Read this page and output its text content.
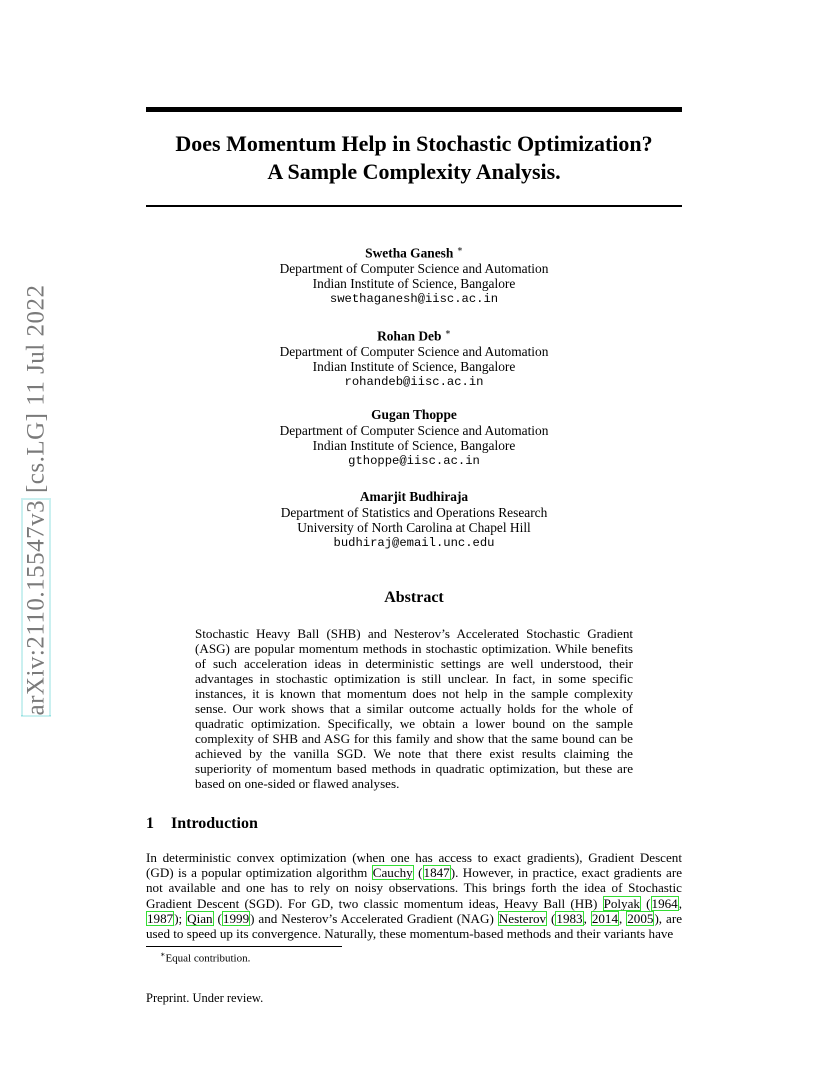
arXiv:2110.15547v3 [cs.LG] 11 Jul 2022
Does Momentum Help in Stochastic Optimization?
A Sample Complexity Analysis.
Swetha Ganesh ∗
Department of Computer Science and Automation
Indian Institute of Science, Bangalore
swethaganesh@iisc.ac.in
Rohan Deb ∗
Department of Computer Science and Automation
Indian Institute of Science, Bangalore
rohandeb@iisc.ac.in
Gugan Thoppe
Department of Computer Science and Automation
Indian Institute of Science, Bangalore
gthoppe@iisc.ac.in
Amarjit Budhiraja
Department of Statistics and Operations Research
University of North Carolina at Chapel Hill
budhiraj@email.unc.edu
Abstract
Stochastic Heavy Ball (SHB) and Nesterov’s Accelerated Stochastic Gradient (ASG) are popular momentum methods in stochastic optimization. While benefits of such acceleration ideas in deterministic settings are well understood, their advantages in stochastic optimization is still unclear. In fact, in some specific instances, it is known that momentum does not help in the sample complexity sense. Our work shows that a similar outcome actually holds for the whole of quadratic optimization. Specifically, we obtain a lower bound on the sample complexity of SHB and ASG for this family and show that the same bound can be achieved by the vanilla SGD. We note that there exist results claiming the superiority of momentum based methods in quadratic optimization, but these are based on one-sided or flawed analyses.
1 Introduction
In deterministic convex optimization (when one has access to exact gradients), Gradient Descent (GD) is a popular optimization algorithm Cauchy (1847). However, in practice, exact gradients are not available and one has to rely on noisy observations. This brings forth the idea of Stochastic Gradient Descent (SGD). For GD, two classic momentum ideas, Heavy Ball (HB) Polyak (1964, 1987); Qian (1999) and Nesterov’s Accelerated Gradient (NAG) Nesterov (1983, 2014, 2005), are used to speed up its convergence. Naturally, these momentum-based methods and their variants have
∗Equal contribution.
Preprint. Under review.
